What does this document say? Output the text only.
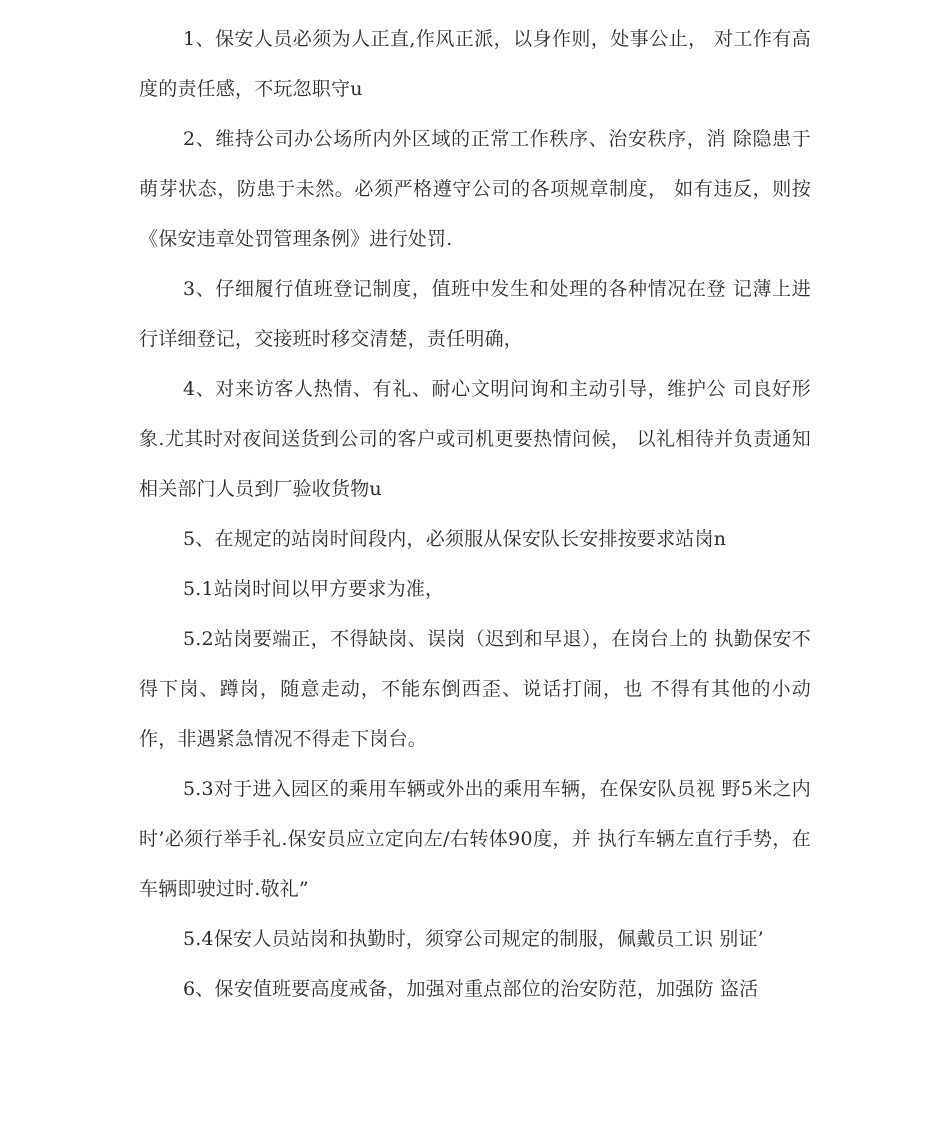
1、保安人员必须为人正直,作风正派，以身作则，处事公止， 对工作有高度的责任感，不玩忽职守u

2、维持公司办公场所内外区域的正常工作秩序、治安秩序，消 除隐患于萌芽状态，防患于未然。必须严格遵守公司的各项规章制度， 如有违反，则按《保安违章处罚管理条例》进行处罚.

3、仔细履行值班登记制度，值班中发生和处理的各种情况在登 记薄上进行详细登记，交接班时移交清楚，责任明确，

4、对来访客人热情、有礼、耐心文明问询和主动引导，维护公 司良好形象.尤其时对夜间送货到公司的客户或司机更要热情问候， 以礼相待并负责通知相关部门人员到厂验收货物u

5、在规定的站岗时间段内，必须服从保安队长安排按要求站岗n

5.1站岗时间以甲方要求为准，

5.2站岗要端正，不得缺岗、误岗（迟到和早退），在岗台上的 执勤保安不得下岗、蹲岗，随意走动，不能东倒西歪、说话打闹，也 不得有其他的小动作，非遇紧急情况不得走下岗台。

5.3对于进入园区的乘用车辆或外出的乘用车辆，在保安队员视 野5米之内时’必须行举手礼.保安员应立定向左/右转体90度，并 执行车辆左直行手势，在车辆即驶过时.敬礼”

5.4保安人员站岗和执勤时，须穿公司规定的制服，佩戴员工识 别证’

6、保安值班要高度戒备，加强对重点部位的治安防范，加强防 盗活
